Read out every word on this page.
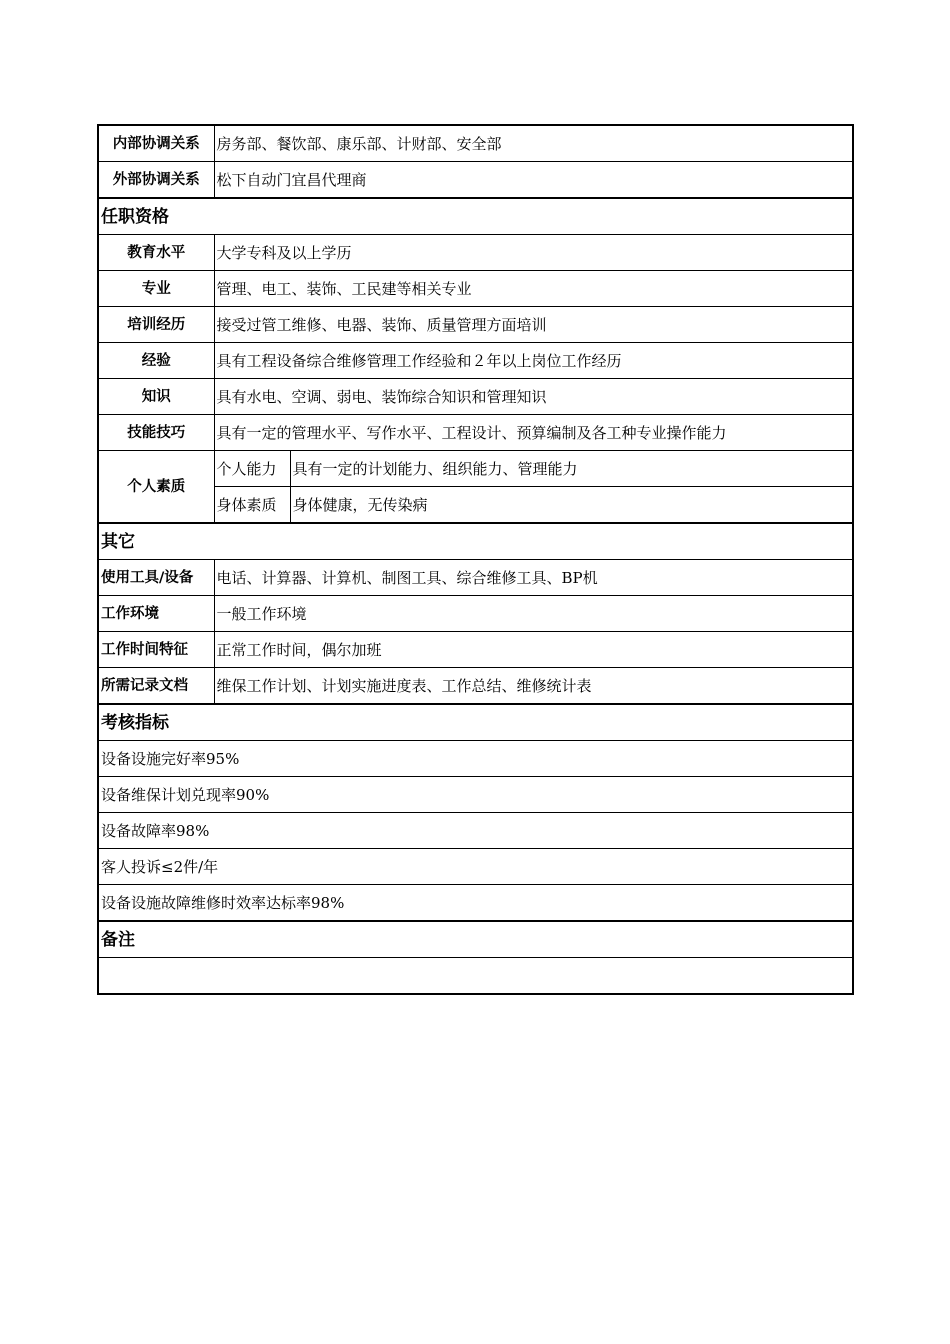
内部协调关系	房务部、餐饮部、康乐部、计财部、安全部	
外部协调关系	松下自动门宜昌代理商	
任职资格		
教育水平	大学专科及以上学历	
专业	管理、电工、装饰、工民建等相关专业	
培训经历	接受过管工维修、电器、装饰、质量管理方面培训	
经验	具有工程设备综合维修管理工作经验和２年以上岗位工作经历	
知识	具有水电、空调、弱电、装饰综合知识和管理知识	
技能技巧	具有一定的管理水平、写作水平、工程设计、预算编制及各工种专业操作能力	
个人素质	个人能力	具有一定的计划能力、组织能力、管理能力
	身体素质	身体健康，无传染病
其它		
使用工具/设备	电话、计算器、计算机、制图工具、综合维修工具、BP机	
工作环境	一般工作环境	
工作时间特征	正常工作时间，偶尔加班	
所需记录文档	维保工作计划、计划实施进度表、工作总结、维修统计表	
考核指标		
设备设施完好率95%		
设备维保计划兑现率90%		
设备故障率98%		
客人投诉≤2件/年		
设备设施故障维修时效率达标率98%		
备注		
